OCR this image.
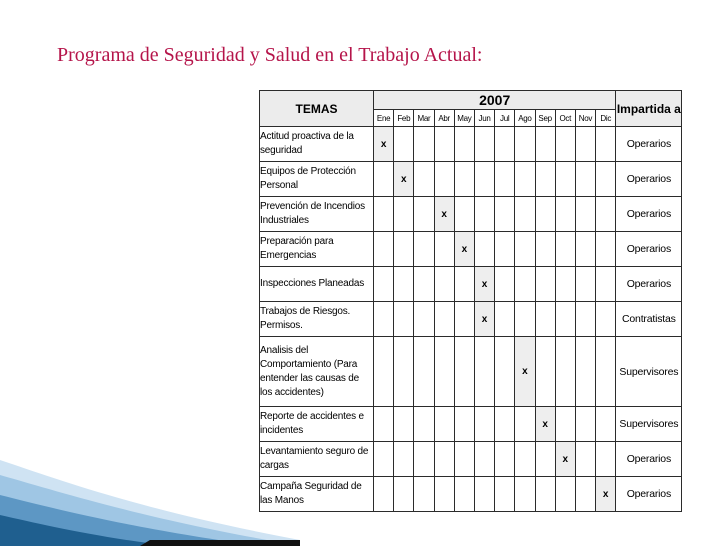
Programa de Seguridad y Salud en el Trabajo Actual:
TEMAS	2007												Impartida a
	Ene	Feb	Mar	Abr	May	Jun	Jul	Ago	Sep	Oct	Nov	Dic	
Actitud proactiva de la seguridad	x												Operarios
Equipos de Protección Personal		x											Operarios
Prevención de Incendios Industriales				x									Operarios
Preparación para Emergencias					x								Operarios
Inspecciones Planeadas						x							Operarios
Trabajos de Riesgos. Permisos.						x							Contratistas
Analisis del Comportamiento (Para entender las causas de los accidentes)								x					Supervisores
Reporte de accidentes e incidentes									x				Supervisores
Levantamiento seguro de cargas										x			Operarios
Campaña Seguridad de las Manos												x	Operarios
